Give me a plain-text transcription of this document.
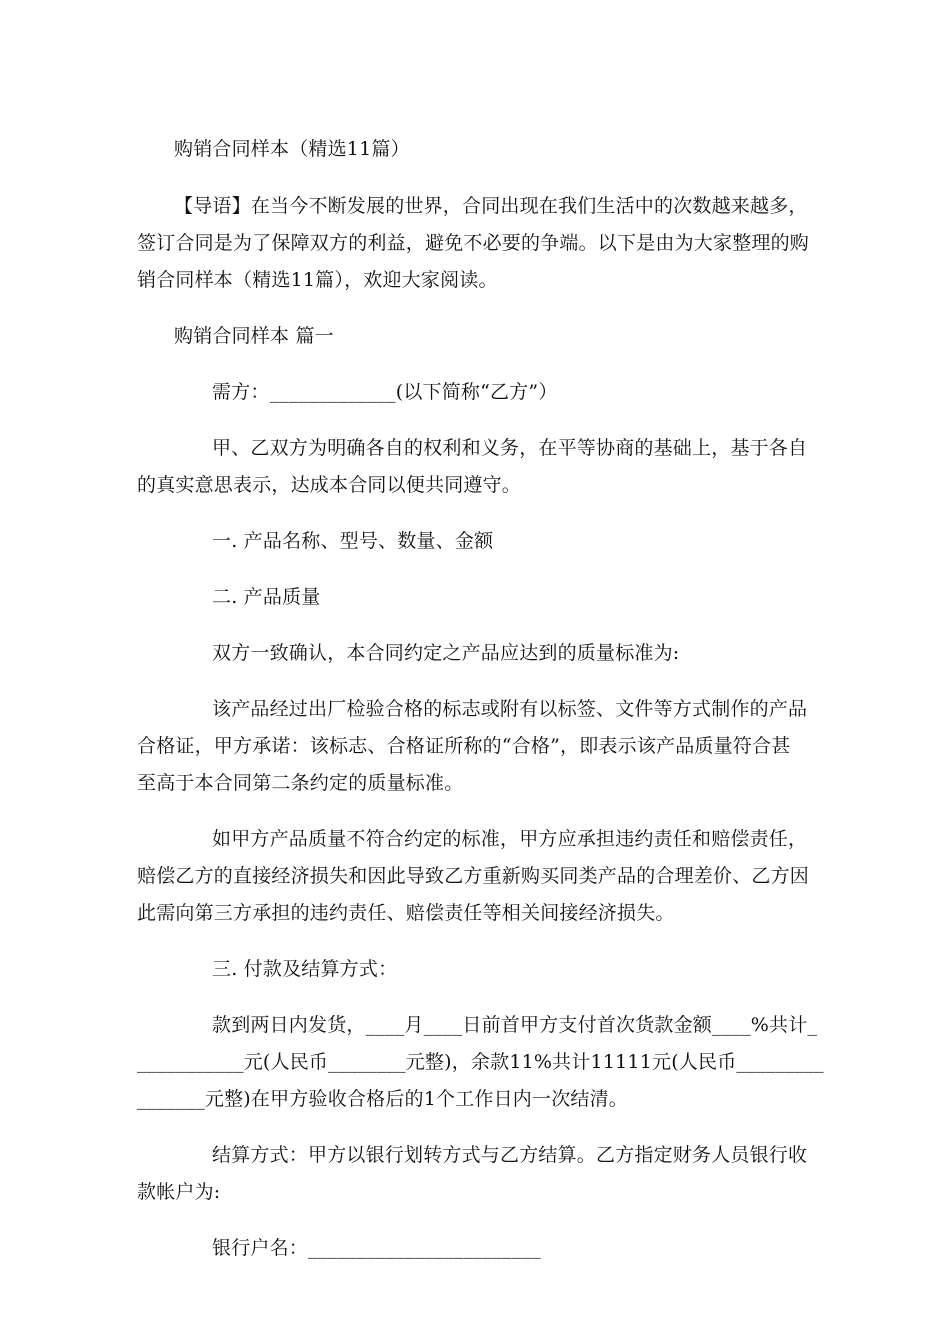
购销合同样本（精选11篇）
【导语】在当今不断发展的世界，合同出现在我们生活中的次数越来越多，
签订合同是为了保障双方的利益，避免不必要的争端。以下是由为大家整理的购
销合同样本（精选11篇），欢迎大家阅读。
购销合同样本 篇一
需方：_____________(以下简称“乙方”）
甲、乙双方为明确各自的权利和义务，在平等协商的基础上，基于各自
的真实意思表示，达成本合同以便共同遵守。
一. 产品名称、型号、数量、金额
二. 产品质量
双方一致确认，本合同约定之产品应达到的质量标准为:
该产品经过出厂检验合格的标志或附有以标签、文件等方式制作的产品
合格证，甲方承诺：该标志、合格证所称的“合格”，即表示该产品质量符合甚
至高于本合同第二条约定的质量标准。
如甲方产品质量不符合约定的标准，甲方应承担违约责任和赔偿责任，
赔偿乙方的直接经济损失和因此导致乙方重新购买同类产品的合理差价、乙方因
此需向第三方承担的违约责任、赔偿责任等相关间接经济损失。
三. 付款及结算方式：
款到两日内发货，____月____日前首甲方支付首次货款金额____%共计_
___________元(人民币________元整)，余款11%共计11111元(人民币_________
_______元整)在甲方验收合格后的1个工作日内一次结清。
结算方式：甲方以银行划转方式与乙方结算。乙方指定财务人员银行收
款帐户为:
银行户名：________________________
